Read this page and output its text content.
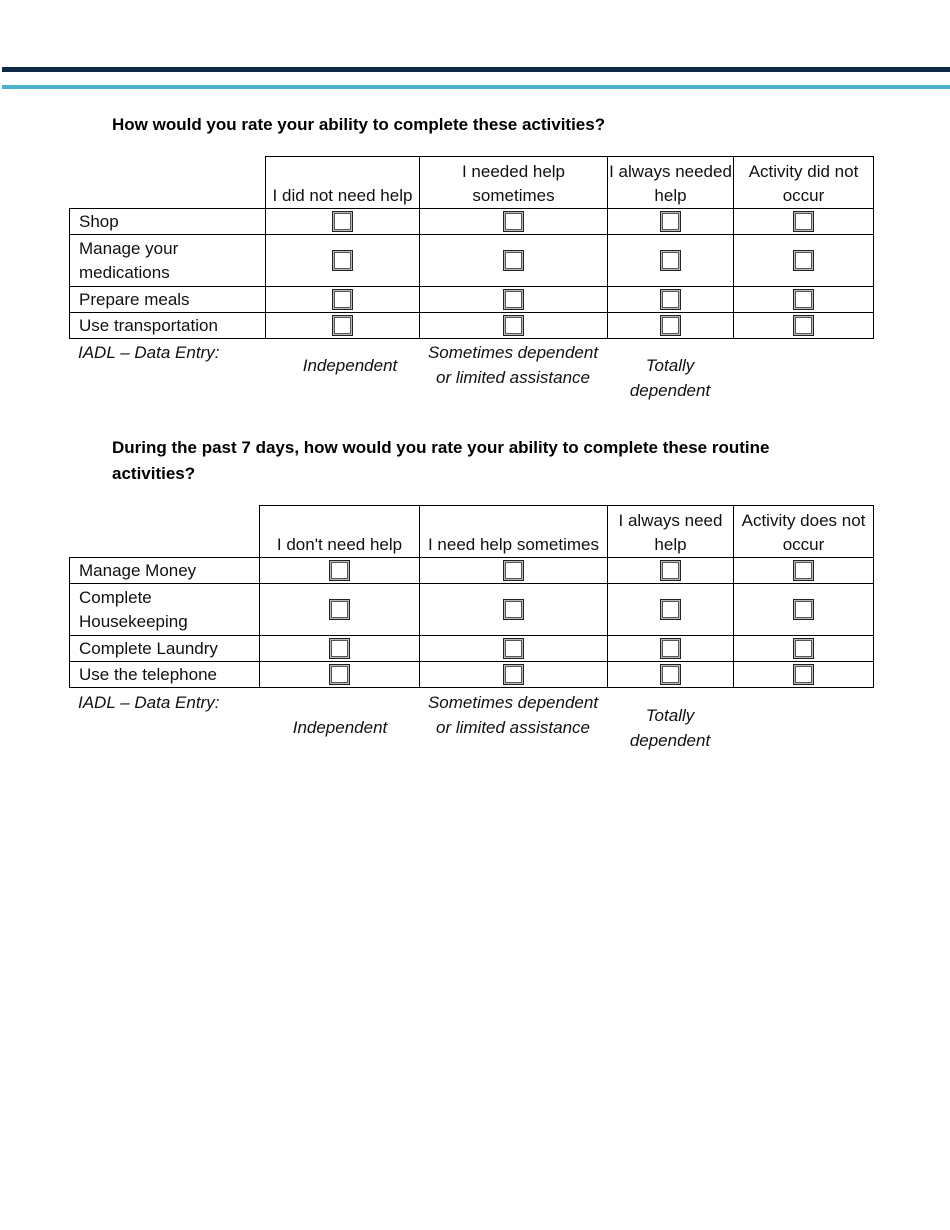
How would you rate your ability to complete these activities?
	I did not need help	I needed help sometimes	I always needed help	Activity did not occur
Shop				
Manage your medications				
Prepare meals				
Use transportation				
IADL – Data Entry:
Independent
Sometimes dependent or limited assistance
Totally dependent
During the past 7 days, how would you rate your ability to complete these routine activities?
	I don't need help	I need help sometimes	I always need help	Activity does not occur
Manage Money				
Complete Housekeeping				
Complete Laundry				
Use the telephone				
IADL – Data Entry:
Independent
Sometimes dependent or limited assistance
Totally dependent
